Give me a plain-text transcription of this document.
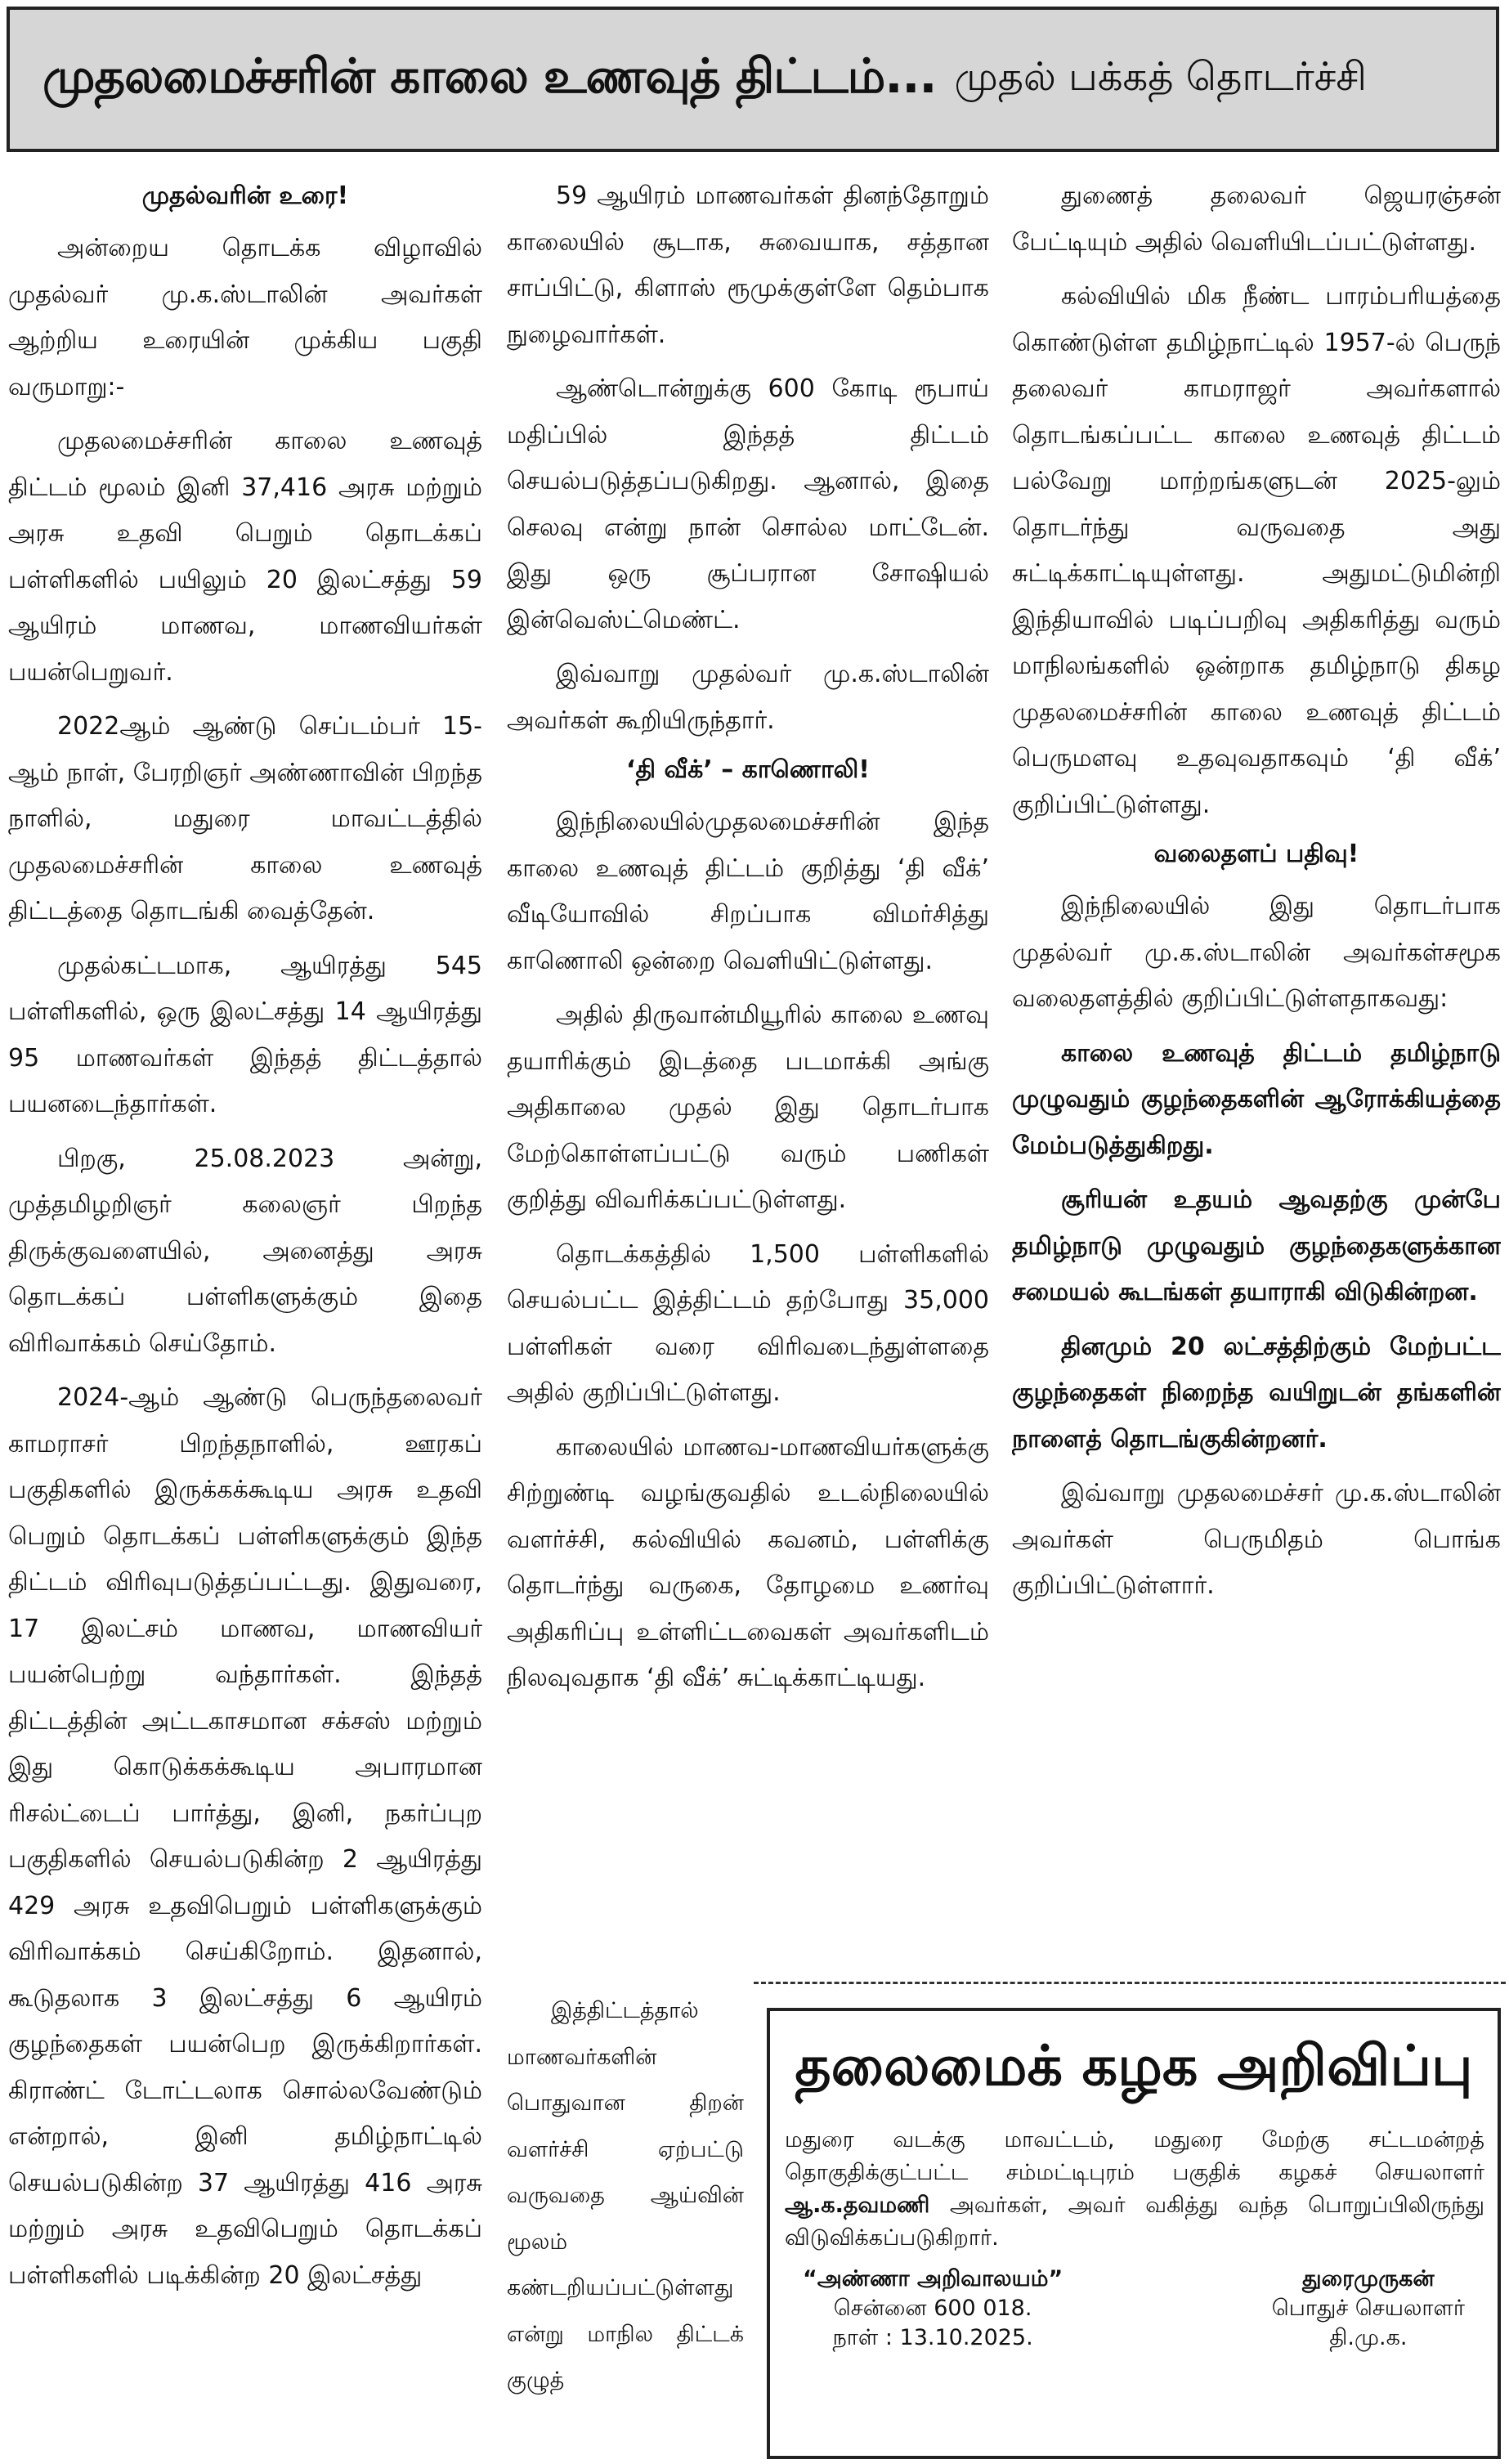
முதலமைச்சரின் காலை உணவுத் திட்டம்... முதல் பக்கத் தொடர்ச்சி
முதல்வரின் உரை!

அன்றைய தொடக்க விழாவில் முதல்வர் மு.க.ஸ்டாலின் அவர்கள் ஆற்றிய உரையின் முக்கிய பகுதி வருமாறு:-

முதலமைச்சரின் காலை உணவுத் திட்டம் மூலம் இனி 37,416 அரசு மற்றும் அரசு உதவி பெறும் தொடக்கப் பள்ளிகளில் பயிலும் 20 இலட்சத்து 59 ஆயிரம் மாணவ, மாணவியர்கள் பயன்பெறுவர்.

2022ஆம் ஆண்டு செப்டம்பர் 15-ஆம் நாள், பேரறிஞர் அண்ணாவின் பிறந்த நாளில், மதுரை மாவட்டத்தில் முதலமைச்சரின் காலை உணவுத் திட்டத்தை தொடங்கி வைத்தேன்.

முதல்கட்டமாக, ஆயிரத்து 545 பள்ளிகளில், ஒரு இலட்சத்து 14 ஆயிரத்து 95 மாணவர்கள் இந்தத் திட்டத்தால் பயனடைந்தார்கள்.

பிறகு, 25.08.2023 அன்று, முத்தமிழறிஞர் கலைஞர் பிறந்த திருக்குவளையில், அனைத்து அரசு தொடக்கப் பள்ளிகளுக்கும் இதை விரிவாக்கம் செய்தோம்.

2024-ஆம் ஆண்டு பெருந்தலைவர் காமராசர் பிறந்தநாளில், ஊரகப் பகுதிகளில் இருக்கக்கூடிய அரசு உதவி பெறும் தொடக்கப் பள்ளிகளுக்கும் இந்த திட்டம் விரிவுபடுத்தப்பட்டது. இதுவரை, 17 இலட்சம் மாணவ, மாணவியர் பயன்பெற்று வந்தார்கள். இந்தத் திட்டத்தின் அட்டகாசமான சக்சஸ் மற்றும் இது கொடுக்கக்கூடிய அபாரமான ரிசல்ட்டைப் பார்த்து, இனி, நகர்ப்புற பகுதிகளில் செயல்படுகின்ற 2 ஆயிரத்து 429 அரசு உதவிபெறும் பள்ளிகளுக்கும் விரிவாக்கம் செய்கிறோம். இதனால், கூடுதலாக 3 இலட்சத்து 6 ஆயிரம் குழந்தைகள் பயன்பெற இருக்கிறார்கள். கிராண்ட் டோட்டலாக சொல்லவேண்டும் என்றால், இனி தமிழ்நாட்டில் செயல்படுகின்ற 37 ஆயிரத்து 416 அரசு மற்றும் அரசு உதவிபெறும் தொடக்கப் பள்ளிகளில் படிக்கின்ற 20 இலட்சத்து

59 ஆயிரம் மாணவர்கள் தினந்தோறும் காலையில் சூடாக, சுவையாக, சத்தான சாப்பிட்டு, கிளாஸ் ரூமுக்குள்ளே தெம்பாக நுழைவார்கள்.

ஆண்டொன்றுக்கு 600 கோடி ரூபாய் மதிப்பில் இந்தத் திட்டம் செயல்படுத்தப்படுகிறது. ஆனால், இதை செலவு என்று நான் சொல்ல மாட்டேன். இது ஒரு சூப்பரான சோஷியல் இன்வெஸ்ட்மெண்ட்.

இவ்வாறு முதல்வர் மு.க.ஸ்டாலின் அவர்கள் கூறியிருந்தார்.

‘தி வீக்’ – காணொலி!

இந்நிலையில்முதலமைச்சரின் இந்த காலை உணவுத் திட்டம் குறித்து ‘தி வீக்’ வீடியோவில் சிறப்பாக விமர்சித்து காணொலி ஒன்றை வெளியிட்டுள்ளது.

அதில் திருவான்மியூரில் காலை உணவு தயாரிக்கும் இடத்தை படமாக்கி அங்கு அதிகாலை முதல் இது தொடர்பாக மேற்கொள்ளப்பட்டு வரும் பணிகள் குறித்து விவரிக்கப்பட்டுள்ளது.

தொடக்கத்தில் 1,500 பள்ளிகளில் செயல்பட்ட இத்திட்டம் தற்போது 35,000 பள்ளிகள் வரை விரிவடைந்துள்ளதை அதில் குறிப்பிட்டுள்ளது.

காலையில் மாணவ-மாணவியர்களுக்கு சிற்றுண்டி வழங்குவதில் உடல்நிலையில் வளர்ச்சி, கல்வியில் கவனம், பள்ளிக்கு தொடர்ந்து வருகை, தோழமை உணர்வு அதிகரிப்பு உள்ளிட்டவைகள் அவர்களிடம் நிலவுவதாக ‘தி வீக்’ சுட்டிக்காட்டியது.

இத்திட்டத்தால் மாணவர்களின் பொதுவான திறன் வளர்ச்சி ஏற்பட்டு வருவதை ஆய்வின் மூலம் கண்டறியப்பட்டுள்ளது என்று மாநில திட்டக் குழுத்

துணைத் தலைவர் ஜெயரஞ்சன் பேட்டியும் அதில் வெளியிடப்பட்டுள்ளது.

கல்வியில் மிக நீண்ட பாரம்பரியத்தை கொண்டுள்ள தமிழ்நாட்டில் 1957-ல் பெருந் தலைவர் காமராஜர் அவர்களால் தொடங்கப்பட்ட காலை உணவுத் திட்டம் பல்வேறு மாற்றங்களுடன் 2025-லும் தொடர்ந்து வருவதை அது சுட்டிக்காட்டியுள்ளது. அதுமட்டுமின்றி இந்தியாவில் படிப்பறிவு அதிகரித்து வரும் மாநிலங்களில் ஒன்றாக தமிழ்நாடு திகழ முதலமைச்சரின் காலை உணவுத் திட்டம் பெருமளவு உதவுவதாகவும் ‘தி வீக்’ குறிப்பிட்டுள்ளது.

வலைதளப் பதிவு!

இந்நிலையில் இது தொடர்பாக முதல்வர் மு.க.ஸ்டாலின் அவர்கள்சமூக வலைதளத்தில் குறிப்பிட்டுள்ளதாகவது:

காலை உணவுத் திட்டம் தமிழ்நாடு முழுவதும் குழந்தைகளின் ஆரோக்கியத்தை மேம்படுத்துகிறது.

சூரியன் உதயம் ஆவதற்கு முன்பே தமிழ்நாடு முழுவதும் குழந்தைகளுக்கான சமையல் கூடங்கள் தயாராகி விடுகின்றன.

தினமும் 20 லட்சத்திற்கும் மேற்பட்ட குழந்தைகள் நிறைந்த வயிறுடன் தங்களின் நாளைத் தொடங்குகின்றனர்.

இவ்வாறு முதலமைச்சர் மு.க.ஸ்டாலின் அவர்கள் பெருமிதம் பொங்க குறிப்பிட்டுள்ளார்.

தலைமைக் கழக அறிவிப்பு
மதுரை வடக்கு மாவட்டம், மதுரை மேற்கு சட்டமன்றத் தொகுதிக்குட்பட்ட சம்மட்டிபுரம் பகுதிக் கழகச் செயலாளர் ஆ.க.தவமணி அவர்கள், அவர் வகித்து வந்த பொறுப்பிலிருந்து விடுவிக்கப்படுகிறார்.
“அண்ணா அறிவாலயம்”
சென்னை 600 018.
நாள் : 13.10.2025.
துரைமுருகன்
பொதுச் செயலாளர்
தி.மு.க.
